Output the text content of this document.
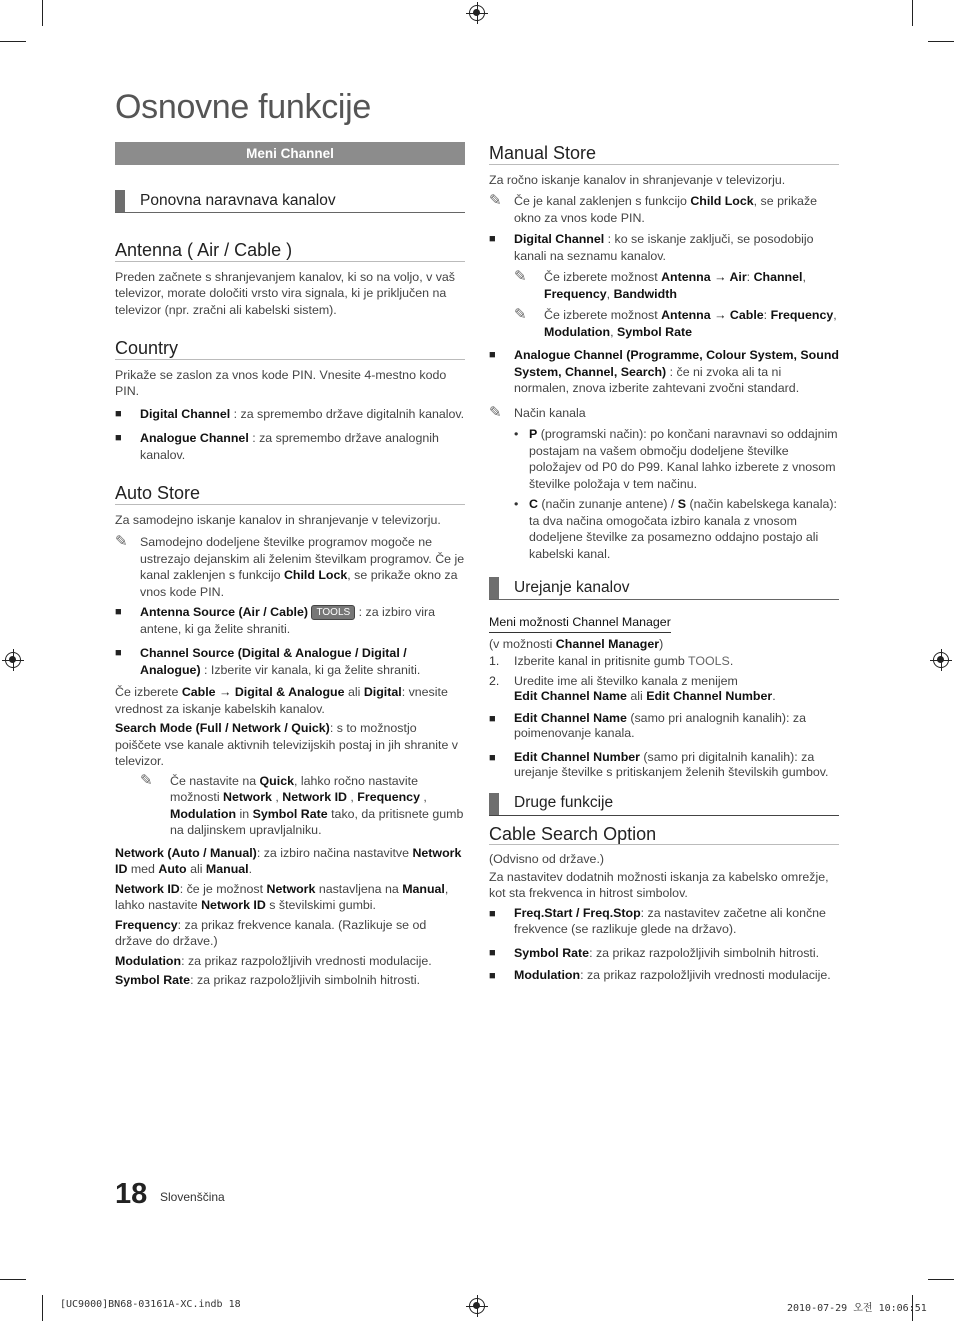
Osnovne funkcije
Meni Channel
Ponovna naravnava kanalov
Antenna ( Air / Cable )

Preden začnete s shranjevanjem kanalov, ki so na voljo, v vaš televizor, morate določiti vrsto vira signala, ki je priključen na televizor (npr. zračni ali kabelski sistem).

Country

Prikaže se zaslon za vnos kode PIN. Vnesite 4-mestno kodo PIN.

■	Digital Channel : za spremembo države digitalnih kanalov.

■	Analogue Channel : za spremembo države analognih kanalov.

Auto Store

Za samodejno iskanje kanalov in shranjevanje v televizorju.

✎	Samodejno dodeljene številke programov mogoče ne ustrezajo dejanskim ali želenim številkam programov. Če je kanal zaklenjen s funkcijo Child Lock, se prikaže okno za vnos kode PIN.

■	Antenna Source (Air / Cable) TOOLS : za izbiro vira antene, ki ga želite shraniti.

■	Channel Source (Digital & Analogue / Digital / Analogue) : Izberite vir kanala, ki ga želite shraniti.

Če izberete Cable → Digital & Analogue ali Digital: vnesite vrednost za iskanje kabelskih kanalov.

Search Mode (Full / Network / Quick): s to možnostjo poiščete vse kanale aktivnih televizijskih postaj in jih shranite v televizor.

✎	Če nastavite na Quick, lahko ročno nastavite možnosti Network , Network ID , Frequency , Modulation in Symbol Rate tako, da pritisnete gumb na daljinskem upravljalniku.

Network (Auto / Manual): za izbiro načina nastavitve Network ID med Auto ali Manual.

Network ID: če je možnost Network nastavljena na Manual, lahko nastavite Network ID s številskimi gumbi.

Frequency: za prikaz frekvence kanala. (Razlikuje se od države do države.)

Modulation: za prikaz razpoložljivih vrednosti modulacije.

Symbol Rate: za prikaz razpoložljivih simbolnih hitrosti.

Manual Store

Za ročno iskanje kanalov in shranjevanje v televizorju.

✎	Če je kanal zaklenjen s funkcijo Child Lock, se prikaže okno za vnos kode PIN.

■	Digital Channel : ko se iskanje zaključi, se posodobijo kanali na seznamu kanalov.

✎	Če izberete možnost Antenna → Air: Channel, Frequency, Bandwidth

✎	Če izberete možnost Antenna → Cable: Frequency, Modulation, Symbol Rate

■	Analogue Channel (Programme, Colour System, Sound System, Channel, Search) : če ni zvoka ali ta ni normalen, znova izberite zahtevani zvočni standard.

✎	Način kanala

• P (programski način): po končani naravnavi so oddajnim postajam na vašem območju dodeljene številke položajev od P0 do P99. Kanal lahko izberete z vnosom številke položaja v tem načinu.

• C (način zunanje antene) / S (način kabelskega kanala): ta dva načina omogočata izbiro kanala z vnosom dodeljene številke za posamezno oddajno postajo ali kabelski kanal.

Urejanje kanalov
Meni možnosti Channel Manager

(v možnosti Channel Manager)

1.	Izberite kanal in pritisnite gumb TOOLS.

2.	Uredite ime ali številko kanala z menijem
Edit Channel Name ali Edit Channel Number.

■	Edit Channel Name (samo pri analognih kanalih): za poimenovanje kanala.

■	Edit Channel Number (samo pri digitalnih kanalih): za urejanje številke s pritiskanjem želenih številskih gumbov.

Druge funkcije
Cable Search Option

(Odvisno od države.)

Za nastavitev dodatnih možnosti iskanja za kabelsko omrežje, kot sta frekvenca in hitrost simbolov.

■	Freq.Start / Freq.Stop: za nastavitev začetne ali končne frekvence (se razlikuje glede na državo).

■	Symbol Rate: za prikaz razpoložljivih simbolnih hitrosti.

■	Modulation: za prikaz razpoložljivih vrednosti modulacije.

18 Slovenščina
[UC9000]BN68-03161A-XC.indb 18	2010-07-29 오전 10:06:51
